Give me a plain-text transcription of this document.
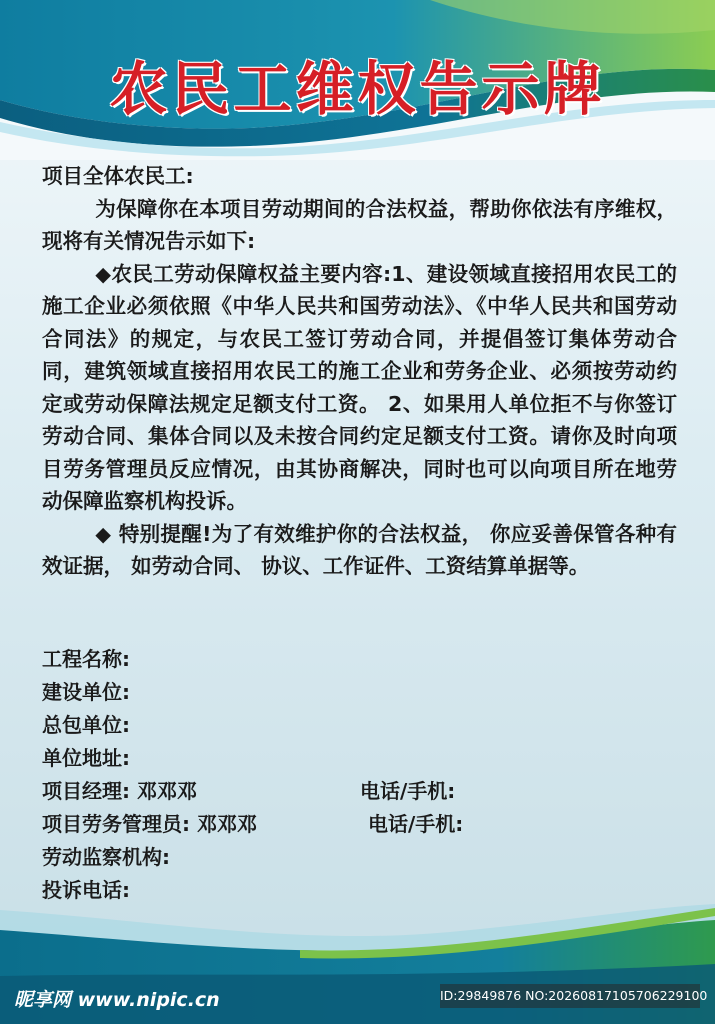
农民工维权告示牌

项目全体农民工:

为保障你在本项目劳动期间的合法权益，帮助你依法有序维权，现将有关情况告示如下:

◆农民工劳动保障权益主要内容:1、建设领域直接招用农民工的施工企业必须依照《中华人民共和国劳动法》、《中华人民共和国劳动合同法》的规定，与农民工签订劳动合同，并提倡签订集体劳动合同，建筑领域直接招用农民工的施工企业和劳务企业、必须按劳动约定或劳动保障法规定足额支付工资。 2、如果用人单位拒不与你签订劳动合同、集体合同以及未按合同约定足额支付工资。请你及时向项目劳务管理员反应情况，由其协商解决，同时也可以向项目所在地劳动保障监察机构投诉。

◆ 特别提醒!为了有效维护你的合法权益， 你应妥善保管各种有效证据， 如劳动合同、 协议、工作证件、工资结算单据等。

工程名称:
建设单位:
总包单位:
单位地址:
项目经理: 邓邓邓	电话/手机:
项目劳务管理员: 邓邓邓	电话/手机:
劳动监察机构:
投诉电话:
昵享网 www.nipic.cn	ID:29849876 NO:20260817105706229100
